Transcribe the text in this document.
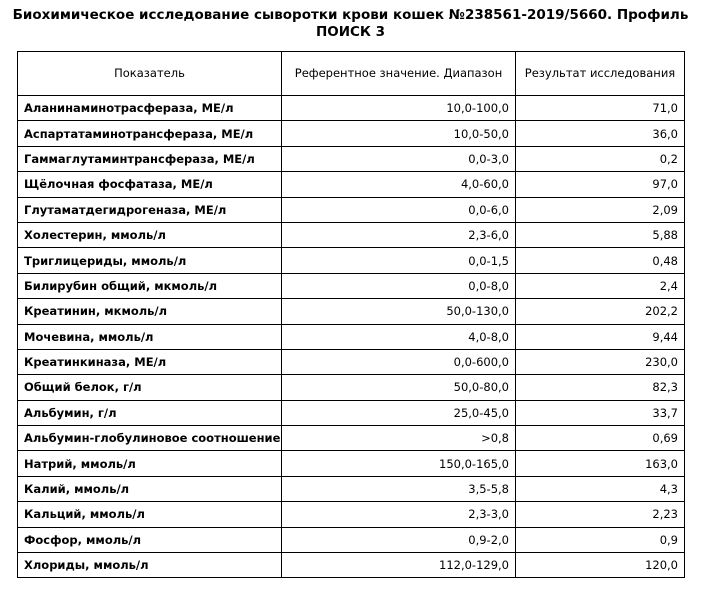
Биохимическое исследование сыворотки крови кошек №238561-2019/5660. Профиль
ПОИСК 3
Показатель	Референтное значение. Диапазон	Результат исследования
Аланинаминотрасфераза, МЕ/л	10,0-100,0	71,0
Аспартатаминотрансфераза, МЕ/л	10,0-50,0	36,0
Гаммаглутаминтрансфераза, МЕ/л	0,0-3,0	0,2
Щёлочная фосфатаза, МЕ/л	4,0-60,0	97,0
Глутаматдегидрогеназа, МЕ/л	0,0-6,0	2,09
Холестерин, ммоль/л	2,3-6,0	5,88
Триглицериды, ммоль/л	0,0-1,5	0,48
Билирубин общий, мкмоль/л	0,0-8,0	2,4
Креатинин, мкмоль/л	50,0-130,0	202,2
Мочевина, ммоль/л	4,0-8,0	9,44
Креатинкиназа, МЕ/л	0,0-600,0	230,0
Общий белок, г/л	50,0-80,0	82,3
Альбумин, г/л	25,0-45,0	33,7
Альбумин-глобулиновое соотношение	>0,8	0,69
Натрий, ммоль/л	150,0-165,0	163,0
Калий, ммоль/л	3,5-5,8	4,3
Кальций, ммоль/л	2,3-3,0	2,23
Фосфор, ммоль/л	0,9-2,0	0,9
Хлориды, ммоль/л	112,0-129,0	120,0
